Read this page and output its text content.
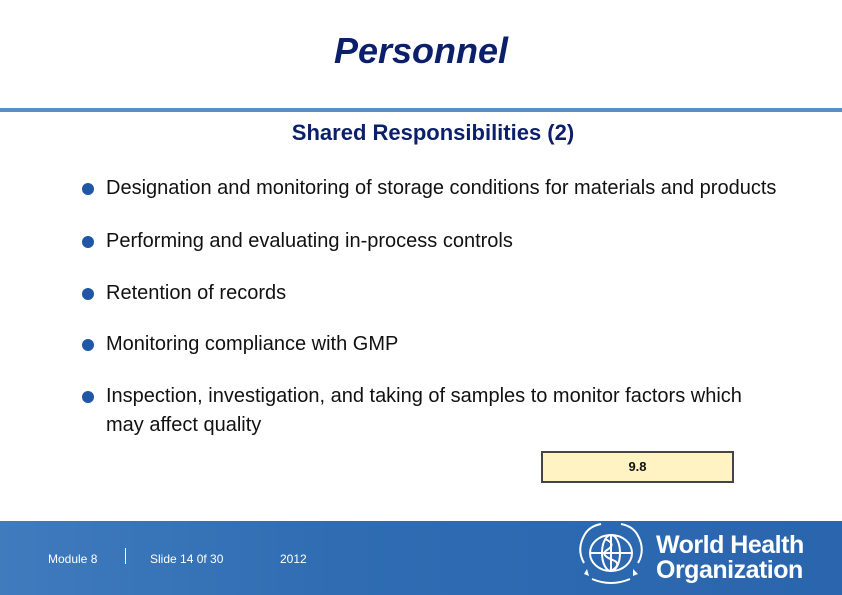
Personnel
Shared Responsibilities (2)
Designation and monitoring of storage conditions for materials and products
Performing and evaluating in-process controls
Retention of records
Monitoring compliance with GMP
Inspection, investigation, and taking of samples to monitor factors which may affect quality
9.8
Module 8	Slide 14 0f 30	2012	World Health
Organization
